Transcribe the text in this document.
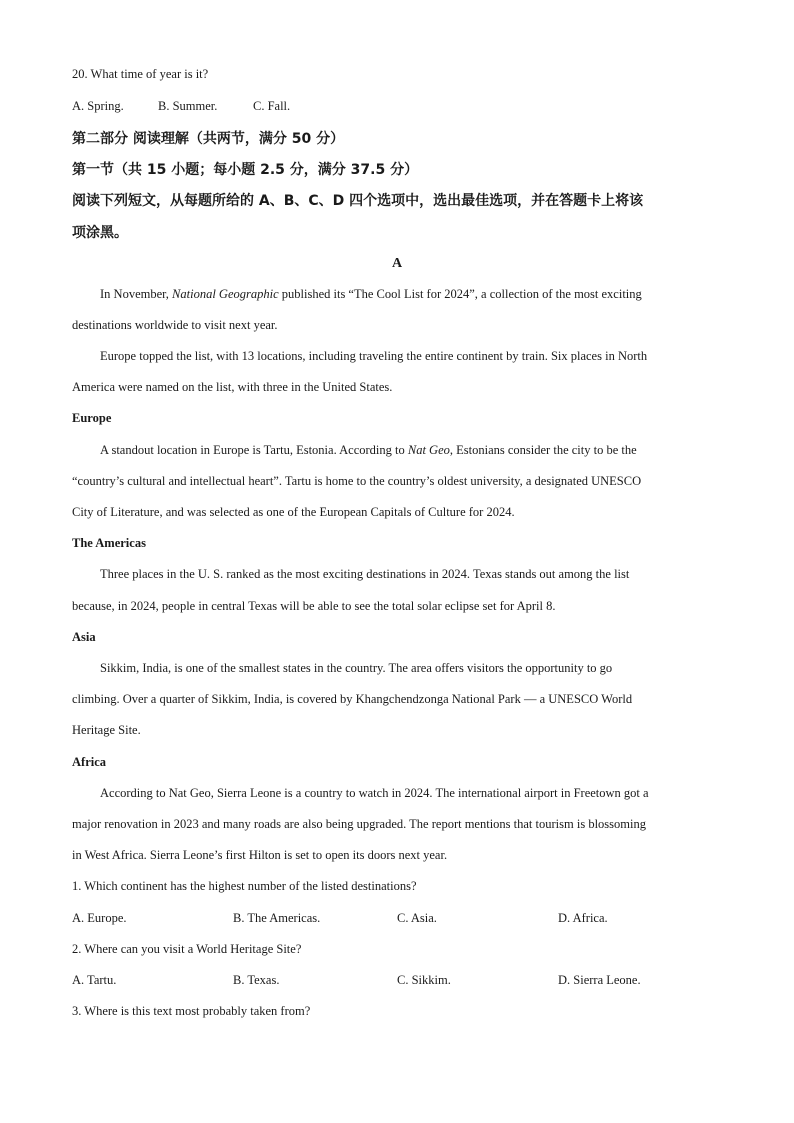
20. What time of year is it?
A. Spring.	B. Summer.	C. Fall.
第二部分 阅读理解（共两节，满分 50 分）
第一节（共 15 小题；每小题 2.5 分，满分 37.5 分）
阅读下列短文，从每题所给的 A、B、C、D 四个选项中，选出最佳选项，并在答题卡上将该
项涂黑。
A
In November, National Geographic published its “The Cool List for 2024”, a collection of the most exciting
destinations worldwide to visit next year.
Europe topped the list, with 13 locations, including traveling the entire continent by train. Six places in North
America were named on the list, with three in the United States.
Europe
A standout location in Europe is Tartu, Estonia. According to Nat Geo, Estonians consider the city to be the
“country’s cultural and intellectual heart”. Tartu is home to the country’s oldest university, a designated UNESCO
City of Literature, and was selected as one of the European Capitals of Culture for 2024.
The Americas
Three places in the U. S. ranked as the most exciting destinations in 2024. Texas stands out among the list
because, in 2024, people in central Texas will be able to see the total solar eclipse set for April 8.
Asia
Sikkim, India, is one of the smallest states in the country. The area offers visitors the opportunity to go
climbing. Over a quarter of Sikkim, India, is covered by Khangchendzonga National Park — a UNESCO World
Heritage Site.
Africa
According to Nat Geo, Sierra Leone is a country to watch in 2024. The international airport in Freetown got a
major renovation in 2023 and many roads are also being upgraded. The report mentions that tourism is blossoming
in West Africa. Sierra Leone’s first Hilton is set to open its doors next year.
1. Which continent has the highest number of the listed destinations?
A. Europe.	B. The Americas.	C. Asia.	D. Africa.
2. Where can you visit a World Heritage Site?
A. Tartu.	B. Texas.	C. Sikkim.	D. Sierra Leone.
3. Where is this text most probably taken from?
